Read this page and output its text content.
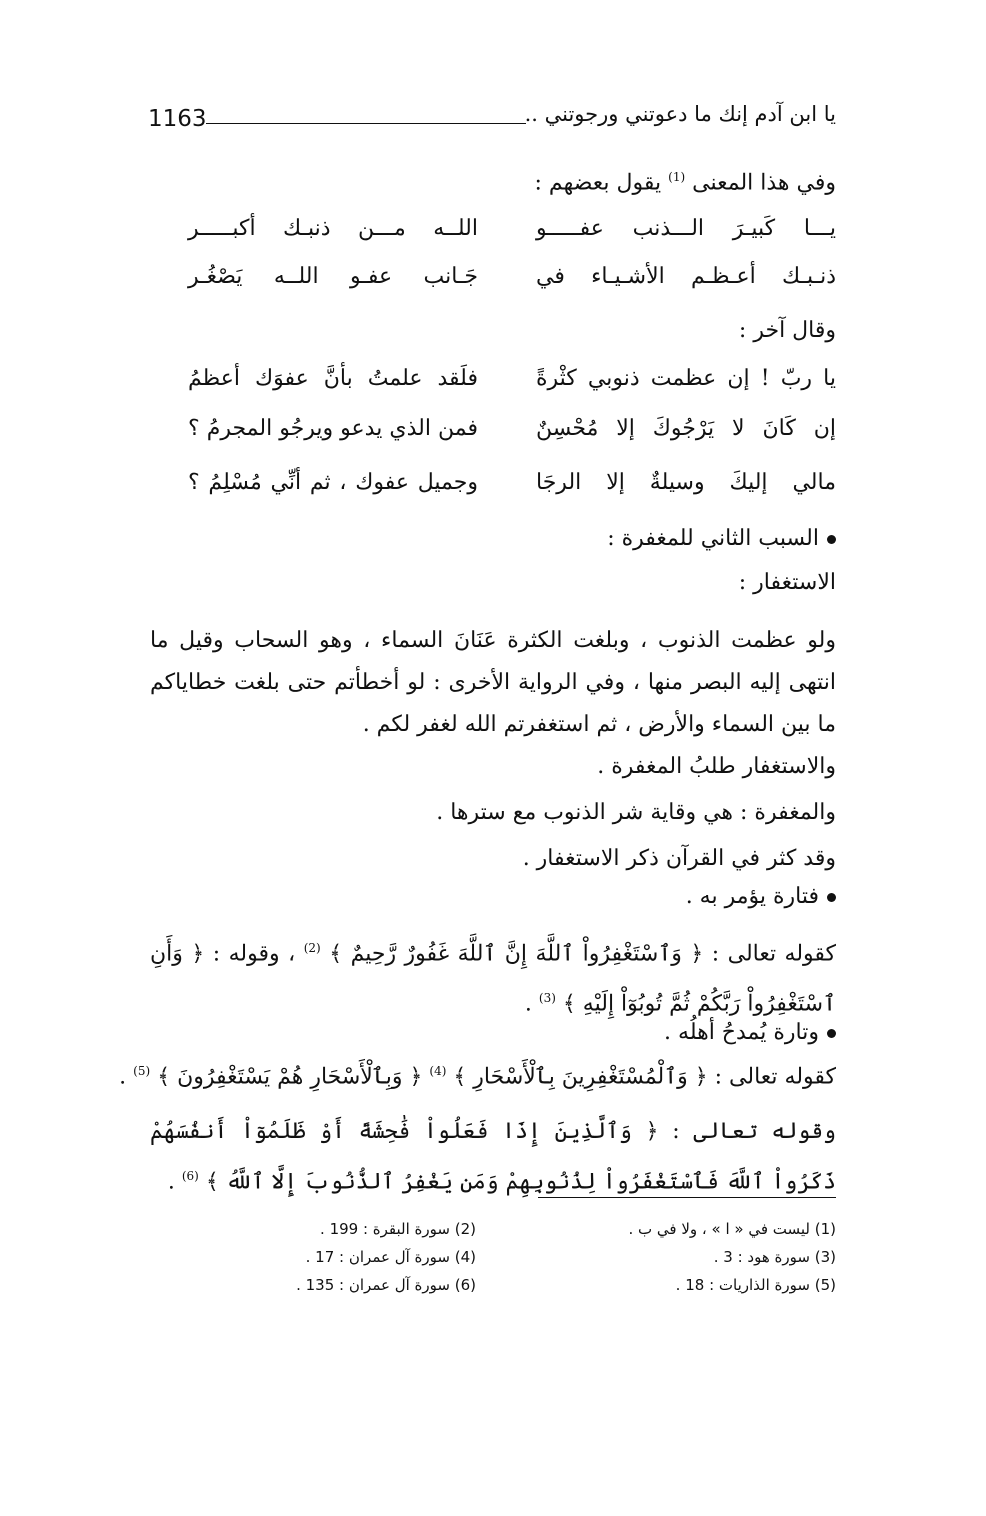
1163	يا ابن آدم إنك ما دعوتني ورجوتني ..
وفي هذا المعنى $^{(1)}$ يقول بعضهم :
يـــا كَبيـرَ الـــذنب عفـــــو
اللــه مـــن ذنبـك أكبـــــر
ذنـبـك أعـظـم الأشـيـاء في
جَـانب عفـو اللــه يَصْغُـر
وقال آخر :
يا ربّ ! إن عظمت ذنوبي كثْرةً
فلَقد علمتُ بأنَّ عفوَك أعظمُ
إن كَانَ لا يَرْجُوكَ إلا مُحْسِنٌ
فمن الذي يدعو ويرجُو المجرمُ ؟
مالي إليكَ وسيلةٌ إلا الرجَا
وجميل عفوك ، ثم أنِّي مُسْلِمُ ؟
السبب الثاني للمغفرة :
الاستغفار :
ولو عظمت الذنوب ، وبلغت الكثرة عَنَانَ السماء ، وهو السحاب وقيل ما انتهى إليه البصر منها ، وفي الرواية الأخرى : لو أخطأتم حتى بلغت خطاياكم ما بين السماء والأرض ، ثم استغفرتم الله لغفر لكم .
والاستغفار طلبُ المغفرة .
والمغفرة : هي وقاية شر الذنوب مع سترها .
وقد كثر في القرآن ذكر الاستغفار .
فتارة يؤمر به .
كقوله تعالى : ﴿ وَٱسْتَغْفِرُواْ ٱللَّهَ إِنَّ ٱللَّهَ غَفُورٌ رَّحِيمٌ ﴾ $^{(2)}$ ، وقوله : ﴿ وَأَنِ ٱسْتَغْفِرُواْ رَبَّكُمْ ثُمَّ تُوبُوٓاْ إِلَيْهِ ﴾ $^{(3)}$ .
وتارة يُمدحُ أهلُه .
كقوله تعالى : ﴿ وَٱلْمُسْتَغْفِرِينَ بِٱلْأَسْحَارِ ﴾ $^{(4)}$ ﴿ وَبِٱلْأَسْحَارِ هُمْ يَسْتَغْفِرُونَ ﴾ $^{(5)}$ .
وقوله تعالى : ﴿ وَٱلَّذِينَ إِذَا فَعَلُواْ فَٰحِشَةً أَوْ ظَلَمُوٓاْ أَنفُسَهُمْ ذَكَرُواْ ٱللَّهَ فَٱسْتَغْفَرُواْ لِذُنُوبِهِمْ وَمَن يَغْفِرُ ٱلذُّنُوبَ إِلَّا ٱللَّهُ ﴾ $^{(6)}$ .
(1) ليست في « ا » ، ولا في ب .
(3) سورة هود : 3 .
(5) سورة الذاريات : 18 .
(2) سورة البقرة : 199 .
(4) سورة آل عمران : 17 .
(6) سورة آل عمران : 135 .
